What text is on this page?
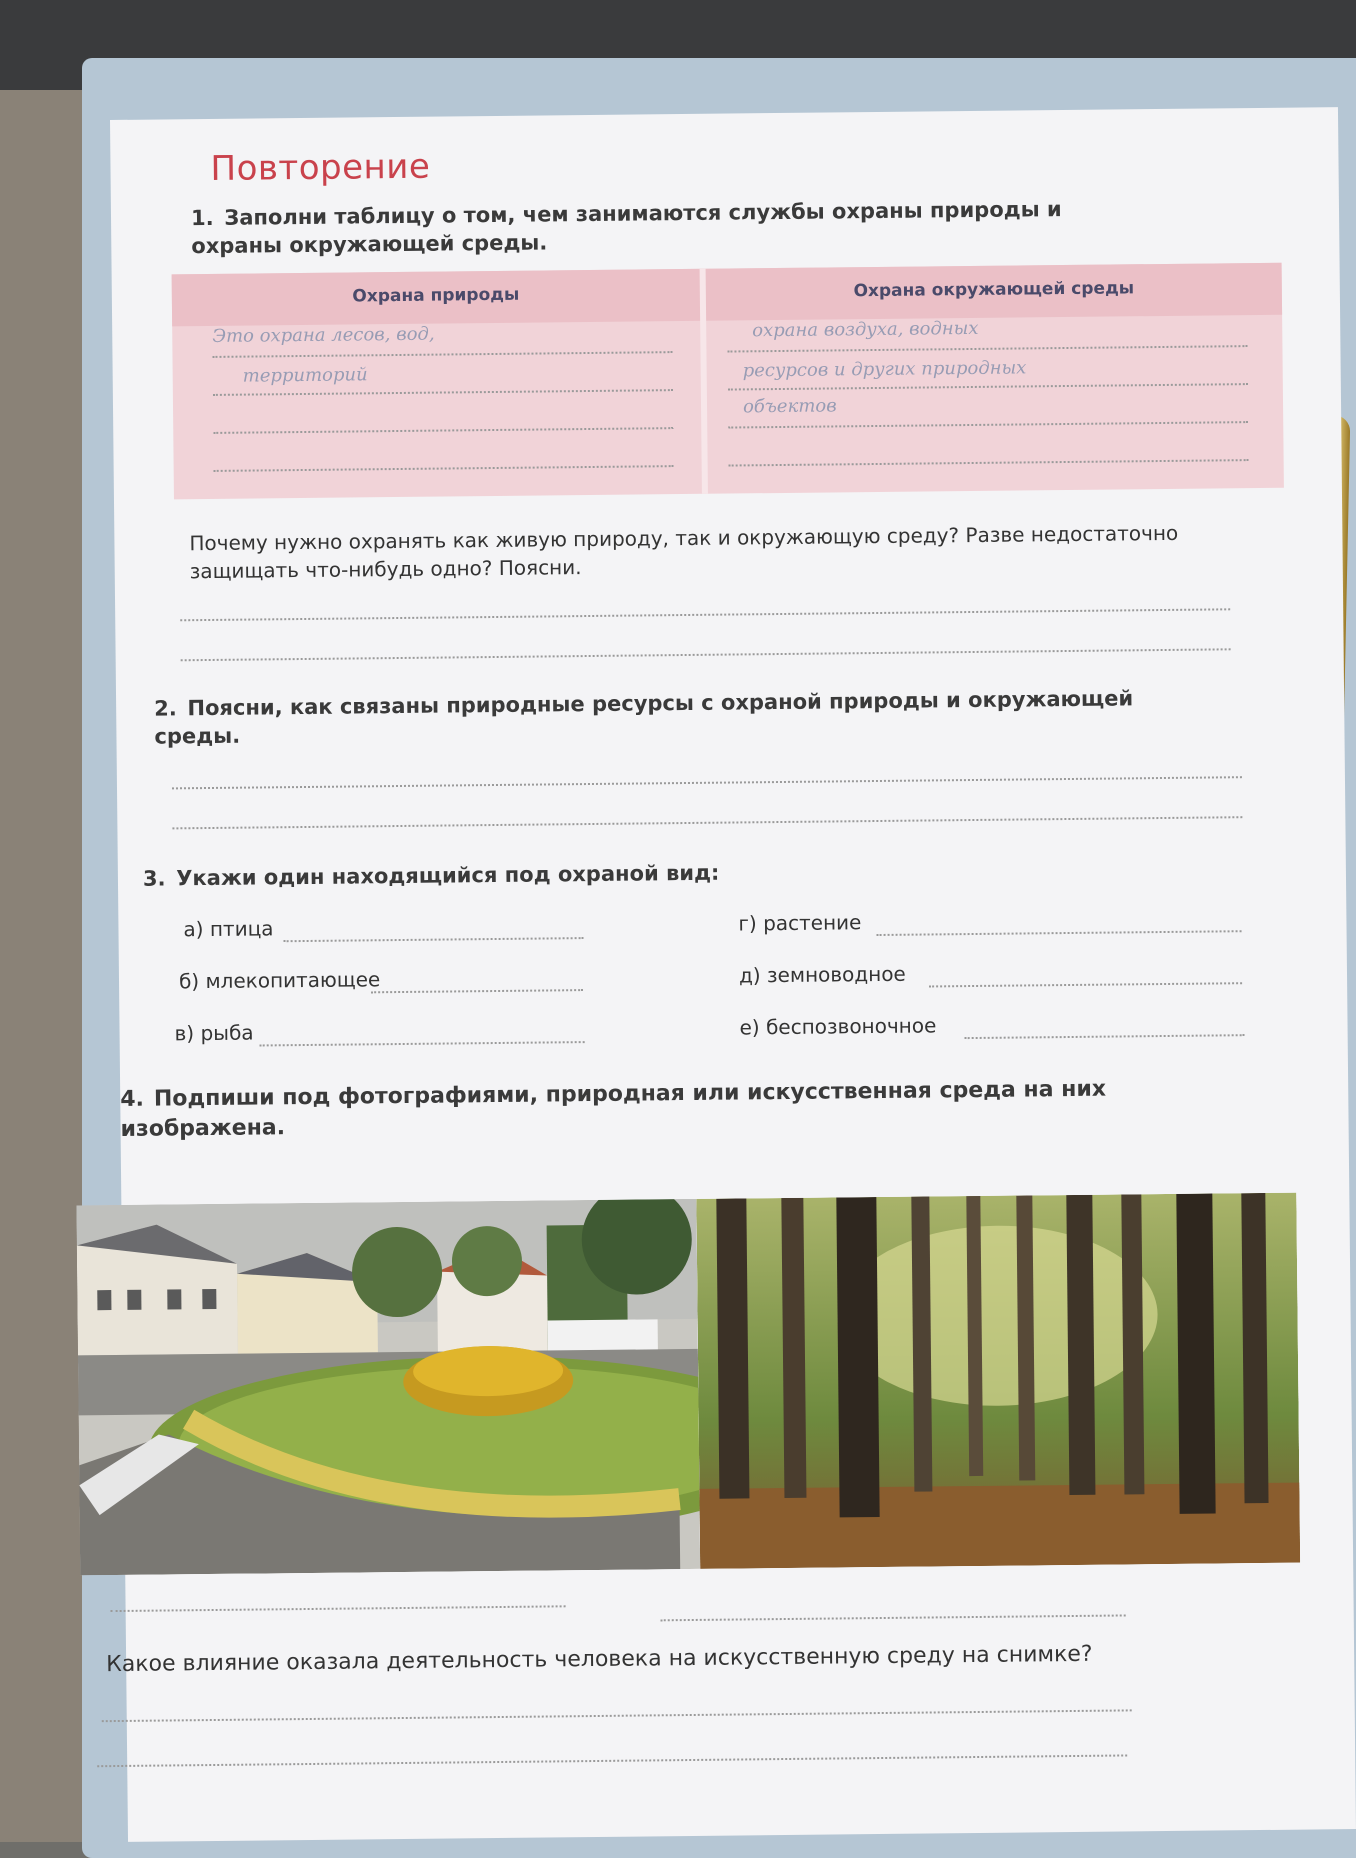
Повторение
1. Заполни таблицу о том, чем занимаются службы охраны природы и охраны окружающей среды.
Охрана природы	Охрана окружающей среды
Это охрана лесов, вод,
территорий
охрана воздуха, водных
ресурсов и других природных
объектов
Почему нужно охранять как живую природу, так и окружающую среду? Разве недостаточно защищать что-нибудь одно? Поясни.
2. Поясни, как связаны природные ресурсы с охраной природы и окружающей среды.
3. Укажи один находящийся под охраной вид:
а) птица
б) млекопитающее
в) рыба
г) растение
д) земноводное
е) беспозвоночное
4. Подпиши под фотографиями, природная или искусственная среда на них изображена.
Какое влияние оказала деятельность человека на искусственную среду на снимке?
